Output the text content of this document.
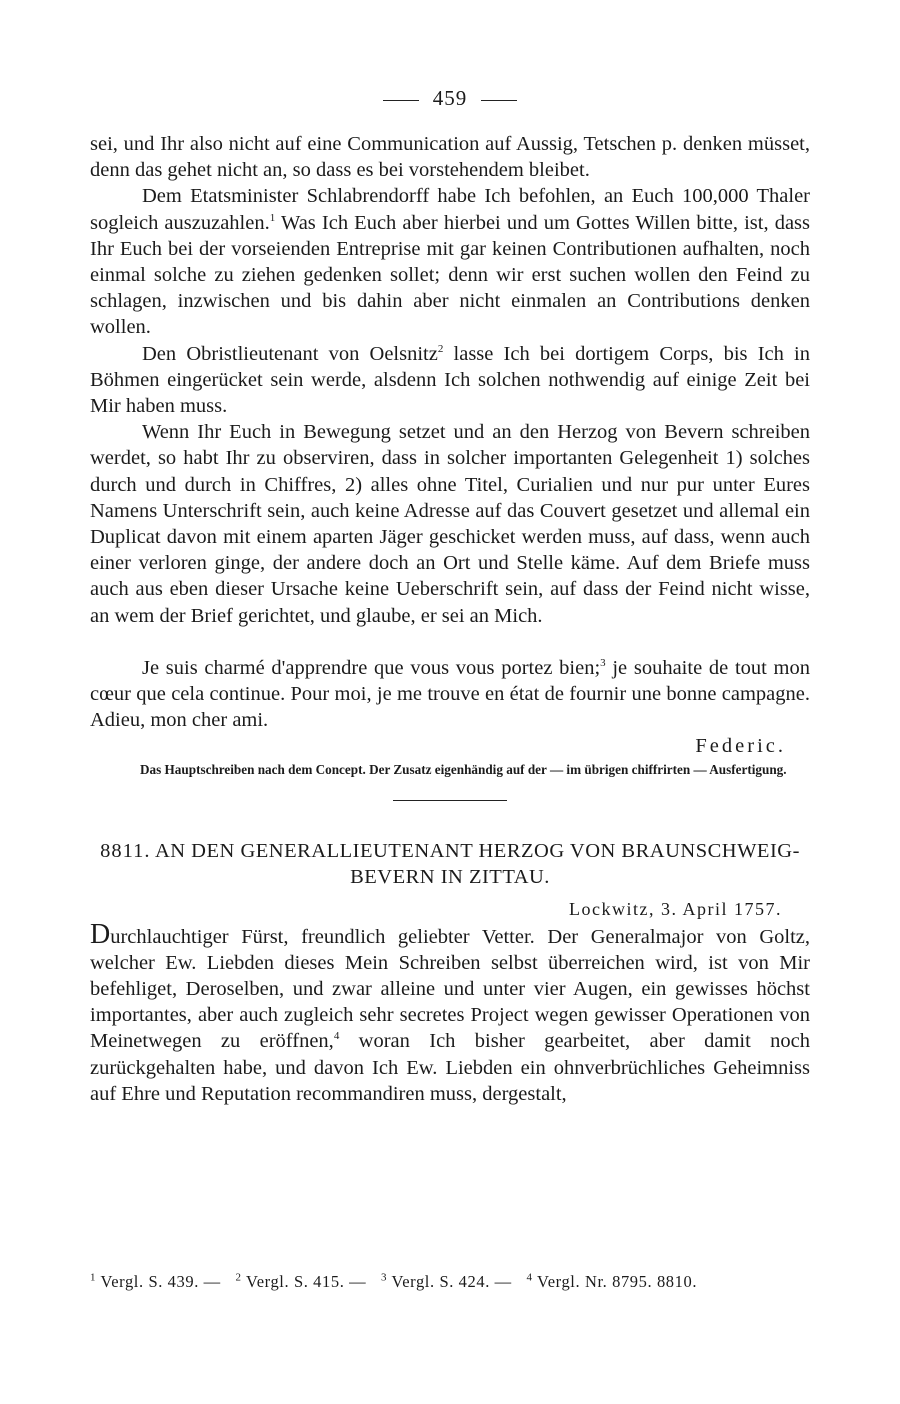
459

sei, und Ihr also nicht auf eine Communication auf Aussig, Tetschen p. denken müsset, denn das gehet nicht an, so dass es bei vorstehendem bleibet.

Dem Etatsminister Schlabrendorff habe Ich befohlen, an Euch 100,000 Thaler sogleich auszuzahlen.$^1$ Was Ich Euch aber hierbei und um Gottes Willen bitte, ist, dass Ihr Euch bei der vorseienden Entreprise mit gar keinen Contributionen aufhalten, noch einmal solche zu ziehen gedenken sollet; denn wir erst suchen wollen den Feind zu schlagen, inzwischen und bis dahin aber nicht einmalen an Contributions denken wollen.

Den Obristlieutenant von Oelsnitz$^2$ lasse Ich bei dortigem Corps, bis Ich in Böhmen eingerücket sein werde, alsdenn Ich solchen nothwendig auf einige Zeit bei Mir haben muss.

Wenn Ihr Euch in Bewegung setzet und an den Herzog von Bevern schreiben werdet, so habt Ihr zu observiren, dass in solcher importanten Gelegenheit 1) solches durch und durch in Chiffres, 2) alles ohne Titel, Curialien und nur pur unter Eures Namens Unterschrift sein, auch keine Adresse auf das Couvert gesetzet und allemal ein Duplicat davon mit einem aparten Jäger geschicket werden muss, auf dass, wenn auch einer verloren ginge, der andere doch an Ort und Stelle käme. Auf dem Briefe muss auch aus eben dieser Ursache keine Ueberschrift sein, auf dass der Feind nicht wisse, an wem der Brief gerichtet, und glaube, er sei an Mich.

Je suis charmé d'apprendre que vous vous portez bien;$^3$ je souhaite de tout mon cœur que cela continue. Pour moi, je me trouve en état de fournir une bonne campagne. Adieu, mon cher ami.

Federic.

Das Hauptschreiben nach dem Concept. Der Zusatz eigenhändig auf der — im übrigen chiffrirten — Ausfertigung.

8811. AN DEN GENERALLIEUTENANT HERZOG VON BRAUNSCHWEIG-BEVERN IN ZITTAU.
Lockwitz, 3. April 1757.

Durchlauchtiger Fürst, freundlich geliebter Vetter. Der Generalmajor von Goltz, welcher Ew. Liebden dieses Mein Schreiben selbst überreichen wird, ist von Mir befehliget, Deroselben, und zwar alleine und unter vier Augen, ein gewisses höchst importantes, aber auch zugleich sehr secretes Project wegen gewisser Operationen von Meinetwegen zu eröffnen,$^4$ woran Ich bisher gearbeitet, aber damit noch zurückgehalten habe, und davon Ich Ew. Liebden ein ohnverbrüchliches Geheimniss auf Ehre und Reputation recommandiren muss, dergestalt,

$^1$ Vergl. S. 439. — $^2$ Vergl. S. 415. — $^3$ Vergl. S. 424. — $^4$ Vergl. Nr. 8795. 8810.
